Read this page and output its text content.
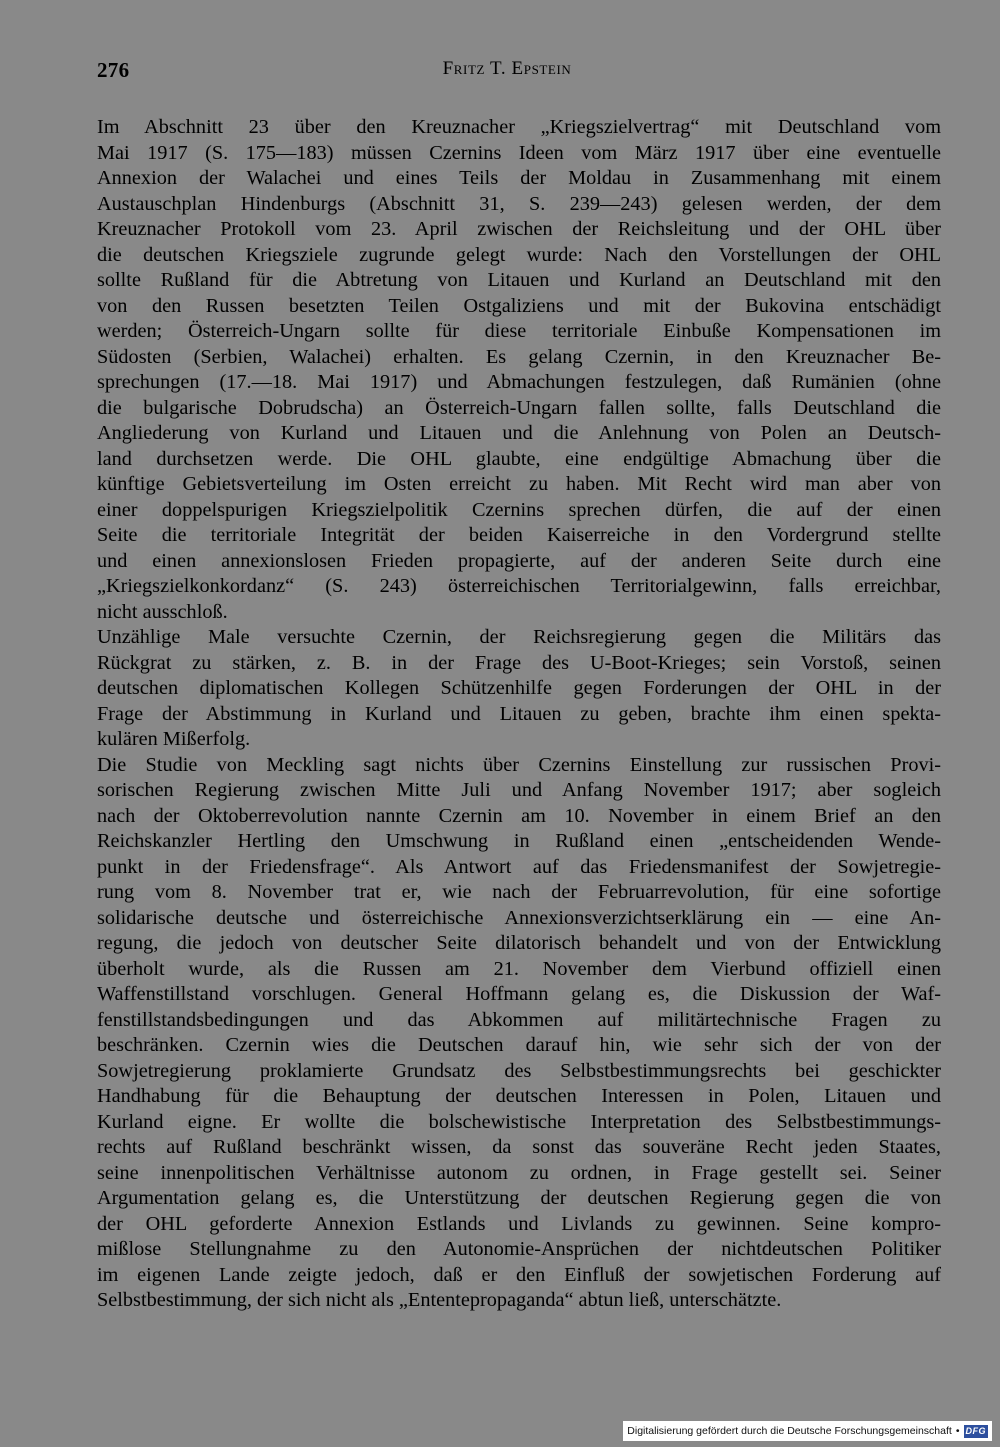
276	Fritz T. Epstein
Im Abschnitt 23 über den Kreuznacher „Kriegszielvertrag“ mit Deutschland vom
Mai 1917 (S. 175—183) müssen Czernins Ideen vom März 1917 über eine eventuelle
Annexion der Walachei und eines Teils der Moldau in Zusammenhang mit einem
Austauschplan Hindenburgs (Abschnitt 31, S. 239—243) gelesen werden, der dem
Kreuznacher Protokoll vom 23. April zwischen der Reichsleitung und der OHL über
die deutschen Kriegsziele zugrunde gelegt wurde: Nach den Vorstellungen der OHL
sollte Rußland für die Abtretung von Litauen und Kurland an Deutschland mit den
von den Russen besetzten Teilen Ostgaliziens und mit der Bukovina entschädigt
werden; Österreich-Ungarn sollte für diese territoriale Einbuße Kompensationen im
Südosten (Serbien, Walachei) erhalten. Es gelang Czernin, in den Kreuznacher Be-
sprechungen (17.—18. Mai 1917) und Abmachungen festzulegen, daß Rumänien (ohne
die bulgarische Dobrudscha) an Österreich-Ungarn fallen sollte, falls Deutschland die
Angliederung von Kurland und Litauen und die Anlehnung von Polen an Deutsch-
land durchsetzen werde. Die OHL glaubte, eine endgültige Abmachung über die
künftige Gebietsverteilung im Osten erreicht zu haben. Mit Recht wird man aber von
einer doppelspurigen Kriegszielpolitik Czernins sprechen dürfen, die auf der einen
Seite die territoriale Integrität der beiden Kaiserreiche in den Vordergrund stellte
und einen annexionslosen Frieden propagierte, auf der anderen Seite durch eine
„Kriegszielkonkordanz“ (S. 243) österreichischen Territorialgewinn, falls erreichbar,
nicht ausschloß.
Unzählige Male versuchte Czernin, der Reichsregierung gegen die Militärs das
Rückgrat zu stärken, z. B. in der Frage des U-Boot-Krieges; sein Vorstoß, seinen
deutschen diplomatischen Kollegen Schützenhilfe gegen Forderungen der OHL in der
Frage der Abstimmung in Kurland und Litauen zu geben, brachte ihm einen spekta-
kulären Mißerfolg.
Die Studie von Meckling sagt nichts über Czernins Einstellung zur russischen Provi-
sorischen Regierung zwischen Mitte Juli und Anfang November 1917; aber sogleich
nach der Oktoberrevolution nannte Czernin am 10. November in einem Brief an den
Reichskanzler Hertling den Umschwung in Rußland einen „entscheidenden Wende-
punkt in der Friedensfrage“. Als Antwort auf das Friedensmanifest der Sowjetregie-
rung vom 8. November trat er, wie nach der Februarrevolution, für eine sofortige
solidarische deutsche und österreichische Annexionsverzichtserklärung ein — eine An-
regung, die jedoch von deutscher Seite dilatorisch behandelt und von der Entwicklung
überholt wurde, als die Russen am 21. November dem Vierbund offiziell einen
Waffenstillstand vorschlugen. General Hoffmann gelang es, die Diskussion der Waf-
fenstillstandsbedingungen und das Abkommen auf militärtechnische Fragen zu
beschränken. Czernin wies die Deutschen darauf hin, wie sehr sich der von der
Sowjetregierung proklamierte Grundsatz des Selbstbestimmungsrechts bei geschickter
Handhabung für die Behauptung der deutschen Interessen in Polen, Litauen und
Kurland eigne. Er wollte die bolschewistische Interpretation des Selbstbestimmungs-
rechts auf Rußland beschränkt wissen, da sonst das souveräne Recht jeden Staates,
seine innenpolitischen Verhältnisse autonom zu ordnen, in Frage gestellt sei. Seiner
Argumentation gelang es, die Unterstützung der deutschen Regierung gegen die von
der OHL geforderte Annexion Estlands und Livlands zu gewinnen. Seine kompro-
mißlose Stellungnahme zu den Autonomie-Ansprüchen der nichtdeutschen Politiker
im eigenen Lande zeigte jedoch, daß er den Einfluß der sowjetischen Forderung auf
Selbstbestimmung, der sich nicht als „Ententepropaganda“ abtun ließ, unterschätzte.
Digitalisierung gefördert durch die Deutsche Forschungsgemeinschaft • DFG
